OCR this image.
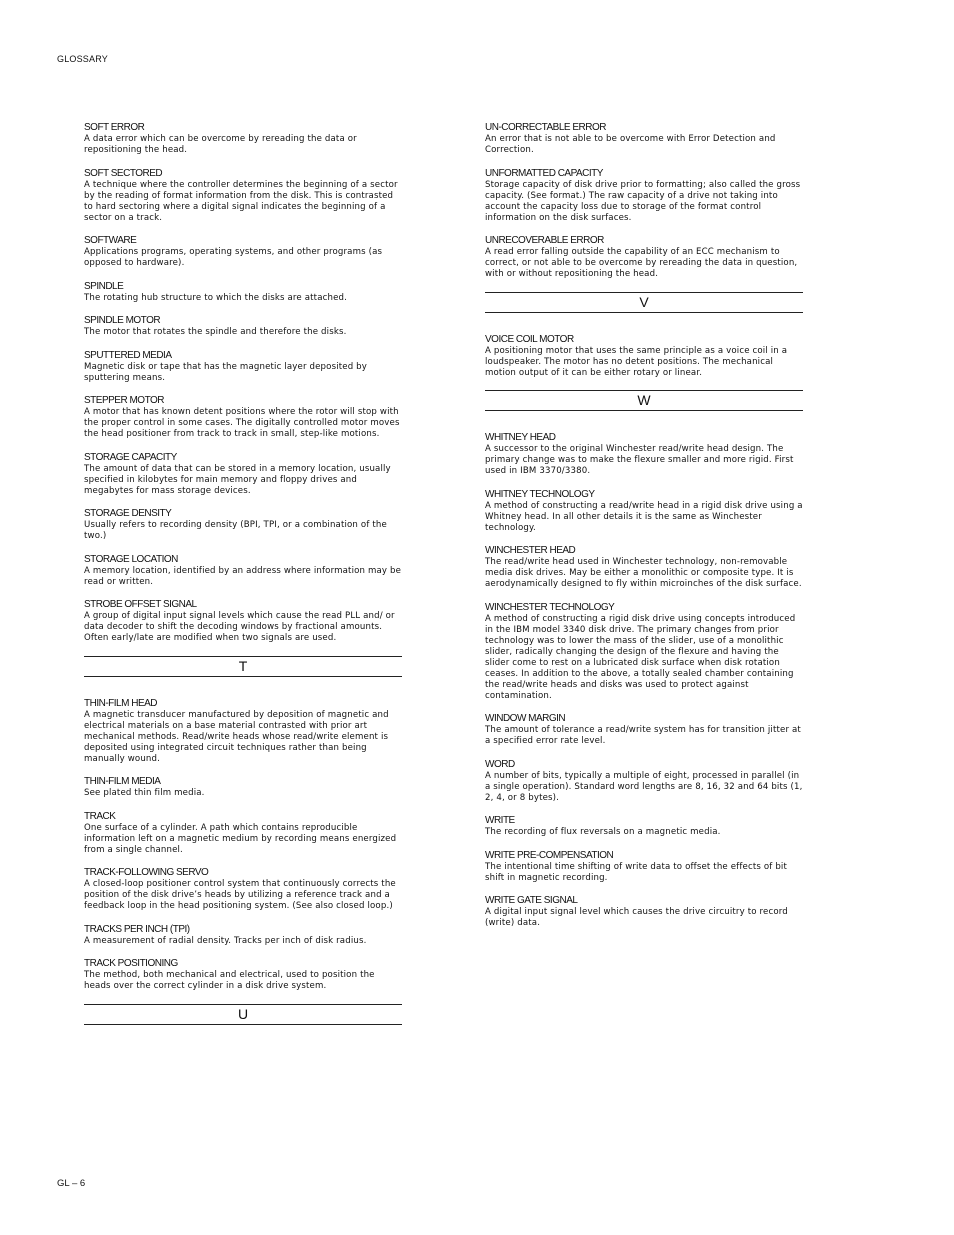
GLOSSARY
SOFT ERROR
A data error which can be overcome by rereading the data or repositioning the head.
SOFT SECTORED
A technique where the controller determines the beginning of a sector by the reading of format information from the disk. This is contrasted to hard sectoring where a digital signal indicates the beginning of a sector on a track.
SOFTWARE
Applications programs, operating systems, and other programs (as opposed to hardware).
SPINDLE
The rotating hub structure to which the disks are attached.
SPINDLE MOTOR
The motor that rotates the spindle and therefore the disks.
SPUTTERED MEDIA
Magnetic disk or tape that has the magnetic layer deposited by sputtering means.
STEPPER MOTOR
A motor that has known detent positions where the rotor will stop with the proper control in some cases. The digitally controlled motor moves the head positioner from track to track in small, step-like motions.
STORAGE CAPACITY
The amount of data that can be stored in a memory location, usually specified in kilobytes for main memory and floppy drives and megabytes for mass storage devices.
STORAGE DENSITY
Usually refers to recording density (BPI, TPI, or a combination of the two.)
STORAGE LOCATION
A memory location, identified by an address where information may be read or written.
STROBE OFFSET SIGNAL
A group of digital input signal levels which cause the read PLL and/ or data decoder to shift the decoding windows by fractional amounts. Often early/late are modified when two signals are used.
T
THIN-FILM HEAD
A magnetic transducer manufactured by deposition of magnetic and electrical materials on a base material contrasted with prior art mechanical methods. Read/write heads whose read/write element is deposited using integrated circuit techniques rather than being manually wound.
THIN-FILM MEDIA
See plated thin film media.
TRACK
One surface of a cylinder. A path which contains reproducible information left on a magnetic medium by recording means energized from a single channel.
TRACK-FOLLOWING SERVO
A closed-loop positioner control system that continuously corrects the position of the disk drive’s heads by utilizing a reference track and a feedback loop in the head positioning system. (See also closed loop.)
TRACKS PER INCH (TPI)
A measurement of radial density. Tracks per inch of disk radius.
TRACK POSITIONING
The method, both mechanical and electrical, used to position the heads over the correct cylinder in a disk drive system.
U
UN-CORRECTABLE ERROR
An error that is not able to be overcome with Error Detection and Correction.
UNFORMATTED CAPACITY
Storage capacity of disk drive prior to formatting; also called the gross capacity. (See format.) The raw capacity of a drive not taking into account the capacity loss due to storage of the format control information on the disk surfaces.
UNRECOVERABLE ERROR
A read error falling outside the capability of an ECC mechanism to correct, or not able to be overcome by rereading the data in question, with or without repositioning the head.
V
VOICE COIL MOTOR
A positioning motor that uses the same principle as a voice coil in a loudspeaker. The motor has no detent positions. The mechanical motion output of it can be either rotary or linear.
W
WHITNEY HEAD
A successor to the original Winchester read/write head design. The primary change was to make the flexure smaller and more rigid. First used in IBM 3370/3380.
WHITNEY TECHNOLOGY
A method of constructing a read/write head in a rigid disk drive using a Whitney head. In all other details it is the same as Winchester technology.
WINCHESTER HEAD
The read/write head used in Winchester technology, non-removable media disk drives. May be either a monolithic or composite type. It is aerodynamically designed to fly within microinches of the disk surface.
WINCHESTER TECHNOLOGY
A method of constructing a rigid disk drive using concepts introduced in the IBM model 3340 disk drive. The primary changes from prior technology was to lower the mass of the slider, use of a monolithic slider, radically changing the design of the flexure and having the slider come to rest on a lubricated disk surface when disk rotation ceases. In addition to the above, a totally sealed chamber containing the read/write heads and disks was used to protect against contamination.
WINDOW MARGIN
The amount of tolerance a read/write system has for transition jitter at a specified error rate level.
WORD
A number of bits, typically a multiple of eight, processed in parallel (in a single operation). Standard word lengths are 8, 16, 32 and 64 bits (1, 2, 4, or 8 bytes).
WRITE
The recording of flux reversals on a magnetic media.
WRITE PRE-COMPENSATION
The intentional time shifting of write data to offset the effects of bit shift in magnetic recording.
WRITE GATE SIGNAL
A digital input signal level which causes the drive circuitry to record (write) data.
GL – 6
